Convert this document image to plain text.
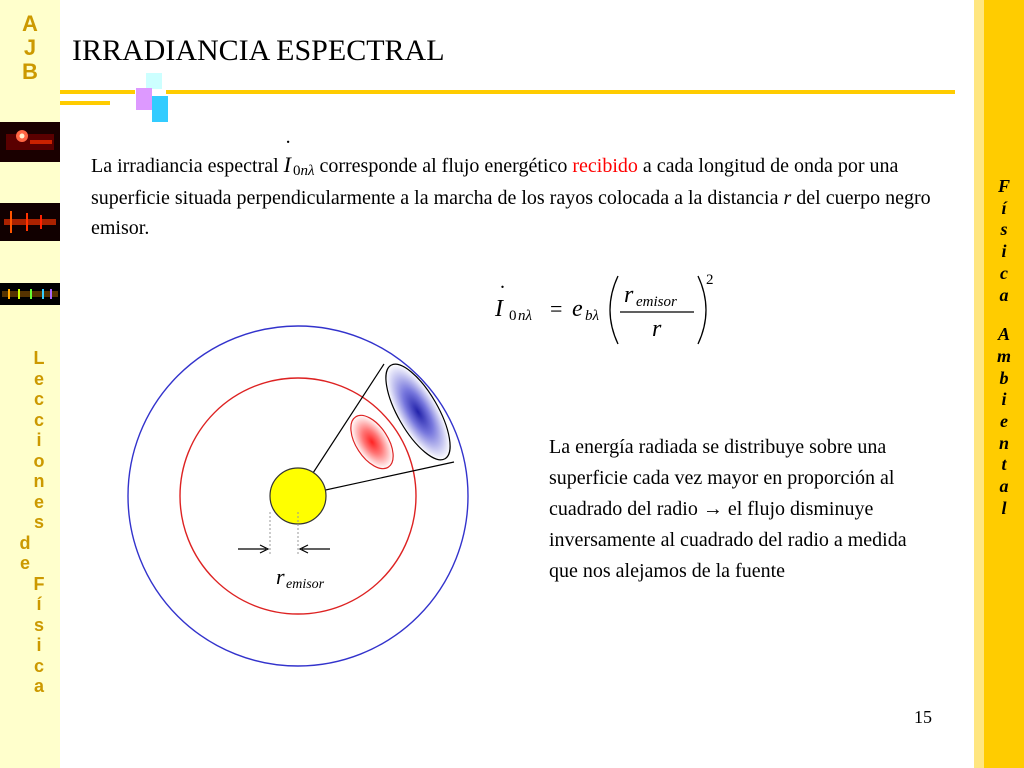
A
J
B
L
e
c
c
i
o
n
e
s
d
e
F
í
s
i
c
a
F
í
s
i
c
a
A
m
b
i
e
n
t
a
l
IRRADIANCIA ESPECTRAL

La irradiancia espectral
.
I 0nλ corresponde al flujo energético recibido a cada longitud de onda por una superficie situada perpendicularmente a la marcha de los rayos colocada a la distancia r del cuerpo negro emisor.

.
I 0 nλ = e bλ
r emisor
r
2
r emisor

La energía radiada se distribuye sobre una superficie cada vez mayor en proporción al cuadrado del radio → el flujo disminuye inversamente al cuadrado del radio a medida que nos alejamos de la fuente

15
